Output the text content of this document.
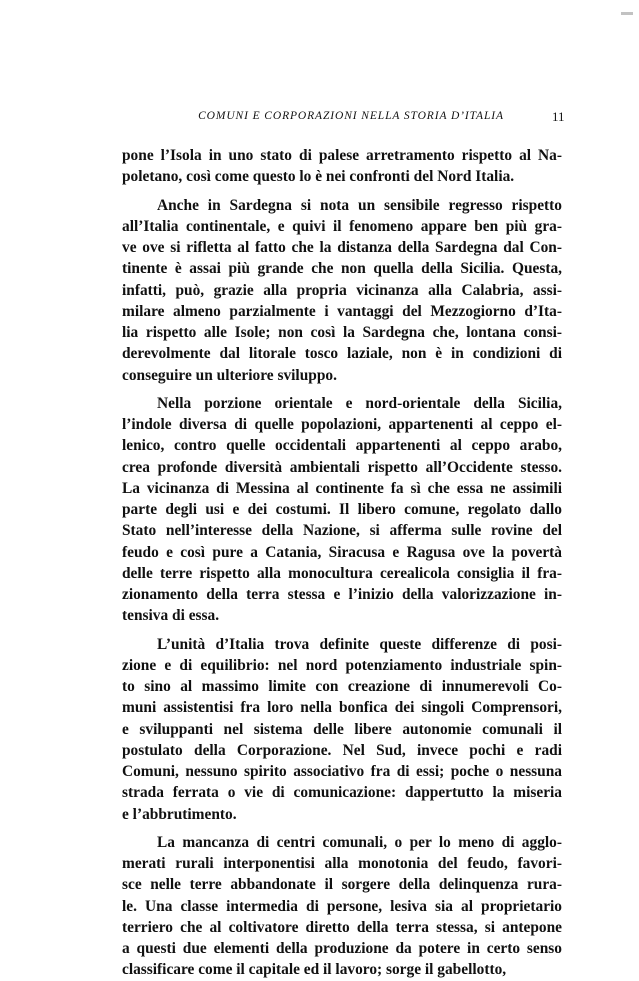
COMUNI E CORPORAZIONI NELLA STORIA D’ITALIA	11

pone l’Isola in uno stato di palese arretramento rispetto al Na-
poletano, così come questo lo è nei confronti del Nord Italia.

Anche in Sardegna si nota un sensibile regresso rispetto
all’Italia continentale, e quivi il fenomeno appare ben più gra-
ve ove si rifletta al fatto che la distanza della Sardegna dal Con-
tinente è assai più grande che non quella della Sicilia. Questa,
infatti, può, grazie alla propria vicinanza alla Calabria, assi-
milare almeno parzialmente i vantaggi del Mezzogiorno d’Ita-
lia rispetto alle Isole; non così la Sardegna che, lontana consi-
derevolmente dal litorale tosco laziale, non è in condizioni di
conseguire un ulteriore sviluppo.

Nella porzione orientale e nord-orientale della Sicilia,
l’indole diversa di quelle popolazioni, appartenenti al ceppo el-
lenico, contro quelle occidentali appartenenti al ceppo arabo,
crea profonde diversità ambientali rispetto all’Occidente stesso.
La vicinanza di Messina al continente fa sì che essa ne assimili
parte degli usi e dei costumi. Il libero comune, regolato dallo
Stato nell’interesse della Nazione, si afferma sulle rovine del
feudo e così pure a Catania, Siracusa e Ragusa ove la povertà
delle terre rispetto alla monocultura cerealicola consiglia il fra-
zionamento della terra stessa e l’inizio della valorizzazione in-
tensiva di essa.

L’unità d’Italia trova definite queste differenze di posi-
zione e di equilibrio: nel nord potenziamento industriale spin-
to sino al massimo limite con creazione di innumerevoli Co-
muni assistentisi fra loro nella bonfica dei singoli Comprensori,
e sviluppanti nel sistema delle libere autonomie comunali il
postulato della Corporazione. Nel Sud, invece pochi e radi
Comuni, nessuno spirito associativo fra di essi; poche o nessuna
strada ferrata o vie di comunicazione: dappertutto la miseria
e l’abbrutimento.

La mancanza di centri comunali, o per lo meno di agglo-
merati rurali interponentisi alla monotonia del feudo, favori-
sce nelle terre abbandonate il sorgere della delinquenza rura-
le. Una classe intermedia di persone, lesiva sia al proprietario
terriero che al coltivatore diretto della terra stessa, si antepone
a questi due elementi della produzione da potere in certo senso
classificare come il capitale ed il lavoro; sorge il gabellotto,
